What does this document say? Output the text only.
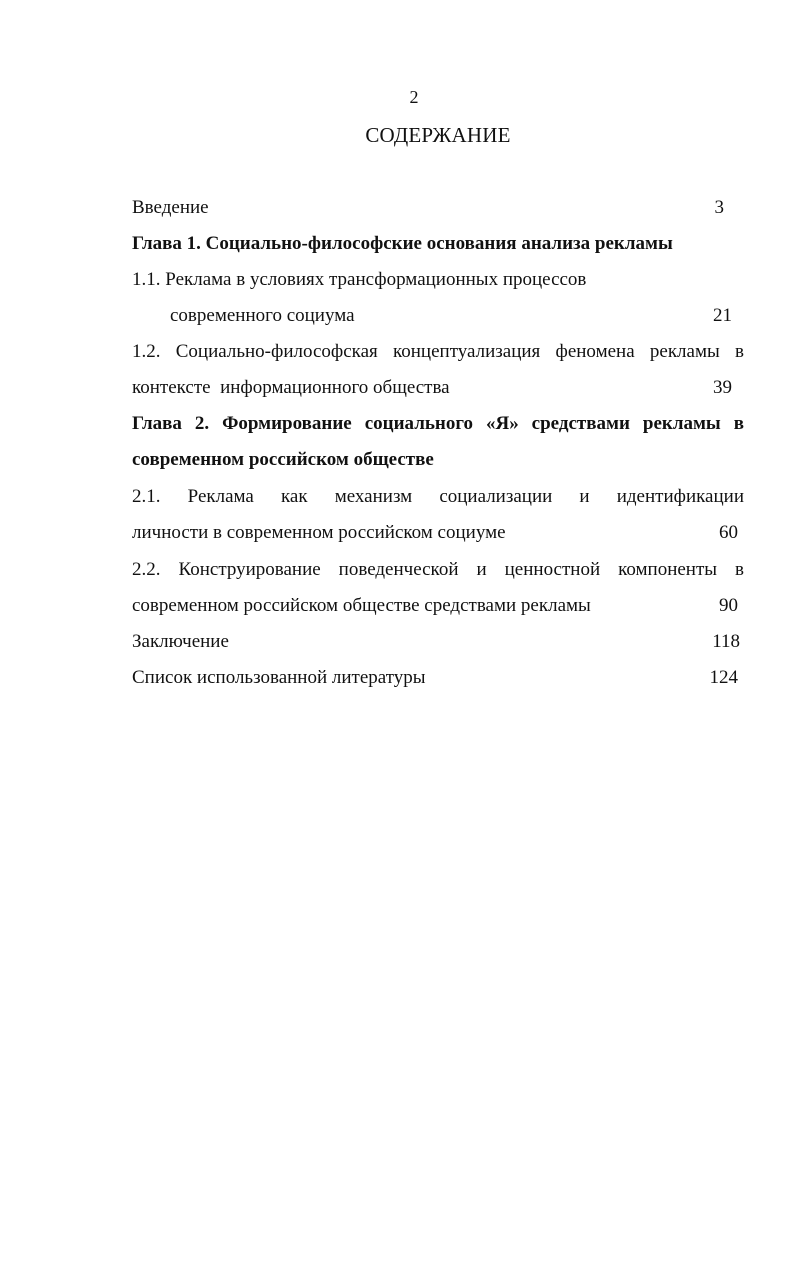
2
СОДЕРЖАНИЕ
Введение	3
Глава 1. Социально-философские основания анализа рекламы
1.1. Реклама в условиях трансформационных процессов
современного социума	21
1.2. Социально-философская концептуализация феномена рекламы в
контексте  информационного общества	39
Глава 2. Формирование социального «Я» средствами рекламы в
современном российском обществе
2.1. Реклама как механизм социализации и идентификации
личности в современном российском социуме	60
2.2. Конструирование поведенческой и ценностной компоненты в
современном российском обществе средствами рекламы	90
Заключение	118
Список использованной литературы	124
